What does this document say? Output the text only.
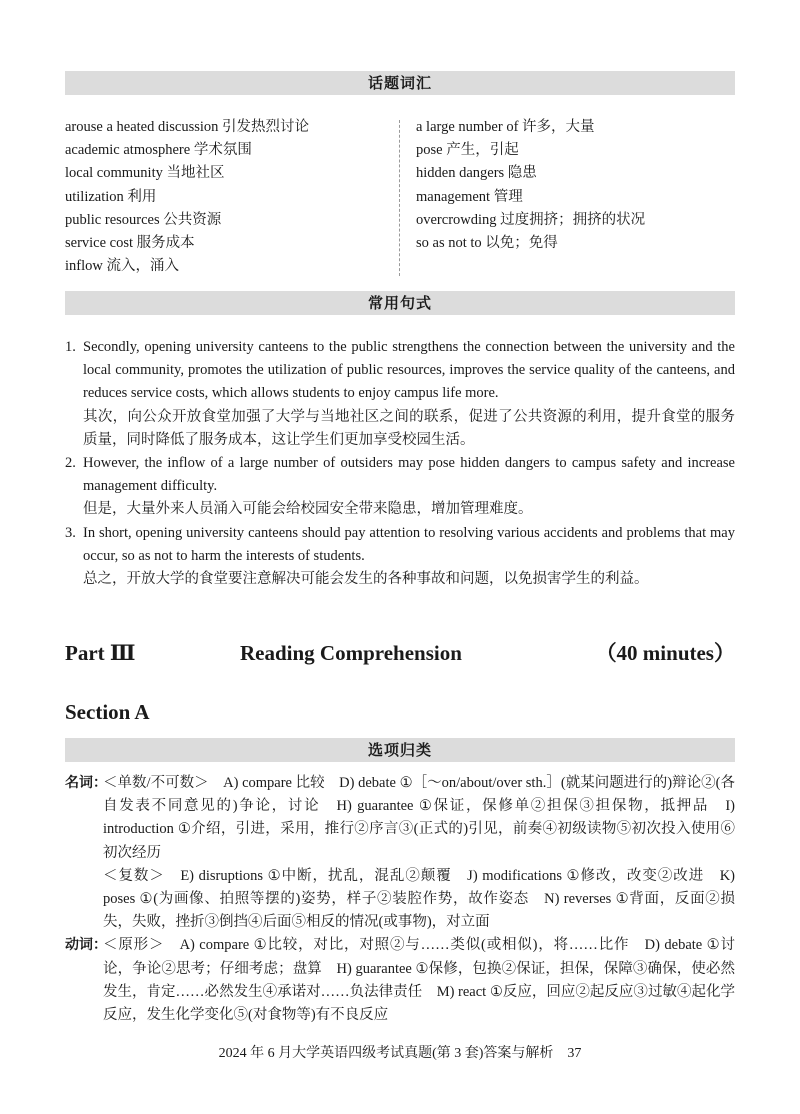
话题词汇
arouse a heated discussion 引发热烈讨论
academic atmosphere 学术氛围
local community 当地社区
utilization 利用
public resources 公共资源
service cost 服务成本
inflow 流入，涌入
a large number of 许多，大量
pose 产生，引起
hidden dangers 隐患
management 管理
overcrowding 过度拥挤；拥挤的状况
so as not to 以免；免得
常用句式
1. Secondly, opening university canteens to the public strengthens the connection between the university and the local community, promotes the utilization of public resources, improves the service quality of the canteens, and reduces service costs, which allows students to enjoy campus life more.
其次，向公众开放食堂加强了大学与当地社区之间的联系，促进了公共资源的利用，提升食堂的服务质量，同时降低了服务成本，这让学生们更加享受校园生活。
2. However, the inflow of a large number of outsiders may pose hidden dangers to campus safety and increase management difficulty.
但是，大量外来人员涌入可能会给校园安全带来隐患，增加管理难度。
3. In short, opening university canteens should pay attention to resolving various accidents and problems that may occur, so as not to harm the interests of students.
总之，开放大学的食堂要注意解决可能会发生的各种事故和问题，以免损害学生的利益。
Part Ⅲ	Reading Comprehension	（40 minutes）
Section A
选项归类
名词：
＜单数/不可数＞　A) compare 比较　D) debate ①［～on/about/over sth.］(就某问题进行的)辩论②(各自发表不同意见的)争论，讨论　H) guarantee ①保证，保修单②担保③担保物，抵押品　I) introduction ①介绍，引进，采用，推行②序言③(正式的)引见，前奏④初级读物⑤初次投入使用⑥初次经历
＜复数＞　E) disruptions ①中断，扰乱，混乱②颠覆　J) modifications ①修改，改变②改进　K) poses ①(为画像、拍照等摆的)姿势，样子②装腔作势，故作姿态　N) reverses ①背面，反面②损失，失败，挫折③倒挡④后面⑤相反的情况(或事物)，对立面
动词：
＜原形＞　A) compare ①比较，对比，对照②与……类似(或相似)，将……比作　D) debate ①讨论，争论②思考；仔细考虑；盘算　H) guarantee ①保修，包换②保证，担保，保障③确保，使必然发生，肯定……必然发生④承诺对……负法律责任　M) react ①反应，回应②起反应③过敏④起化学反应，发生化学变化⑤(对食物等)有不良反应
2024 年 6 月大学英语四级考试真题(第 3 套)答案与解析　37
